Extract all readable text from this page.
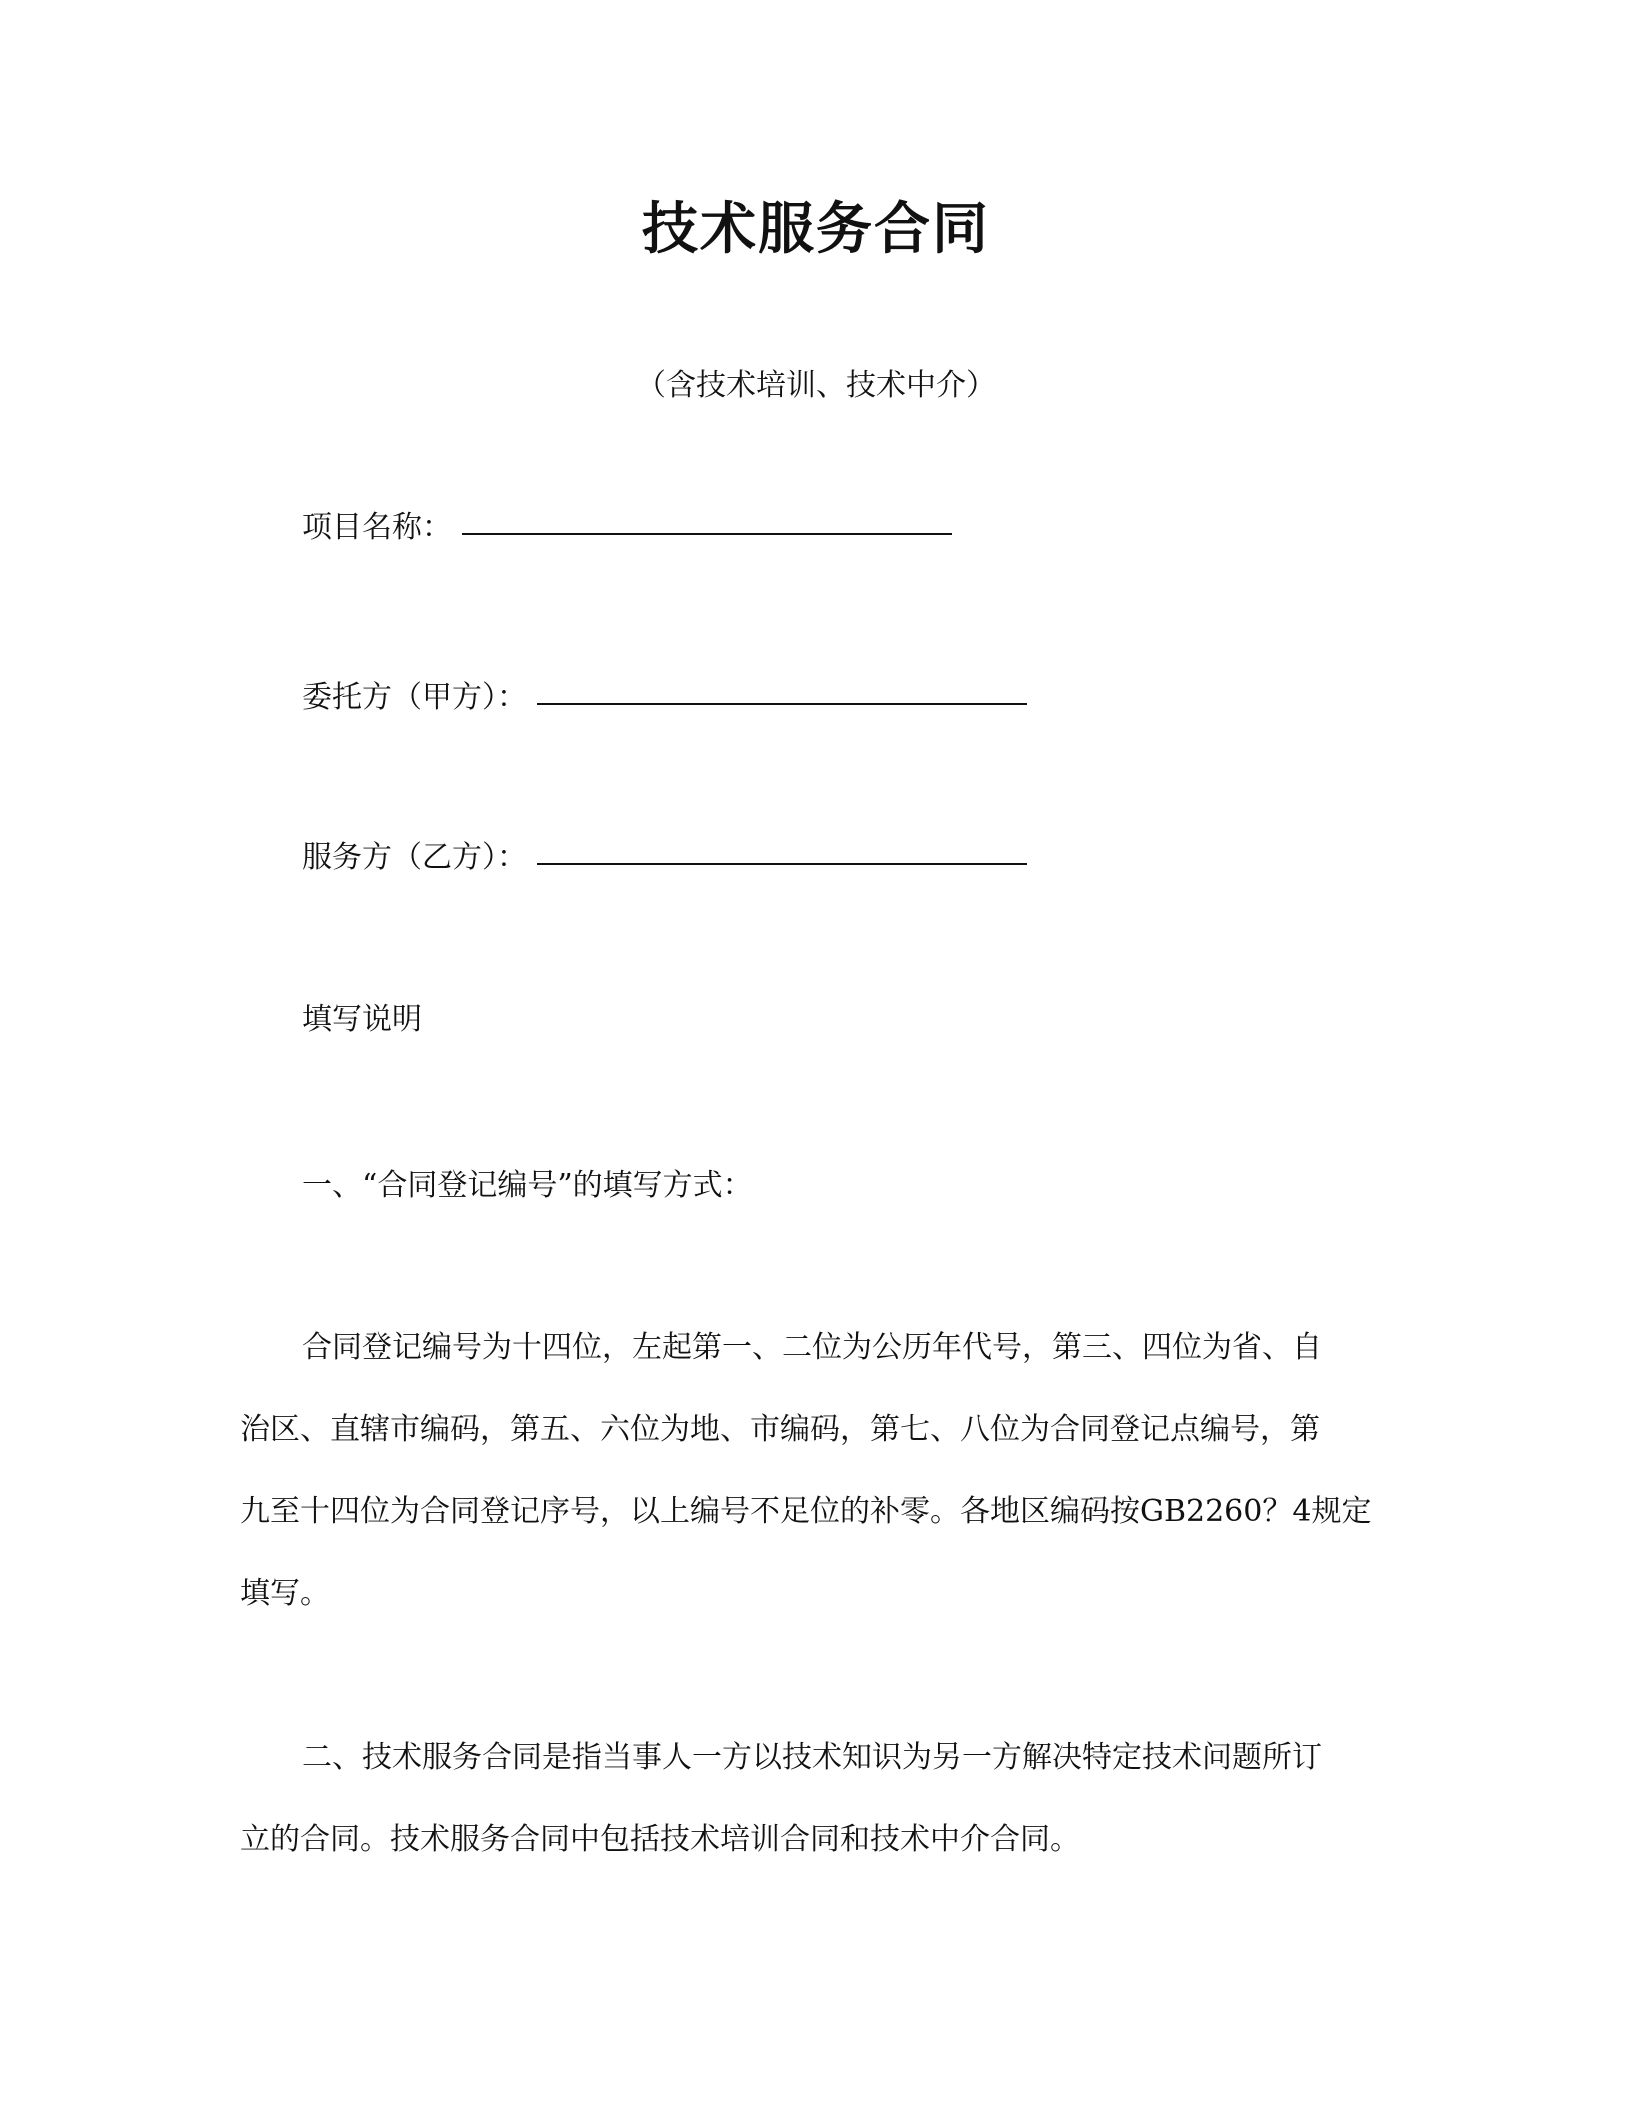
技术服务合同
（含技术培训、技术中介）
项目名称：
委托方（甲方）：
服务方（乙方）：
填写说明
一、“合同登记编号”的填写方式：
合同登记编号为十四位，左起第一、二位为公历年代号，第三、四位为省、自
治区、直辖市编码，第五、六位为地、市编码，第七、八位为合同登记点编号，第
九至十四位为合同登记序号，以上编号不足位的补零。各地区编码按GB2260？4规定
填写。
二、技术服务合同是指当事人一方以技术知识为另一方解决特定技术问题所订
立的合同。技术服务合同中包括技术培训合同和技术中介合同。
